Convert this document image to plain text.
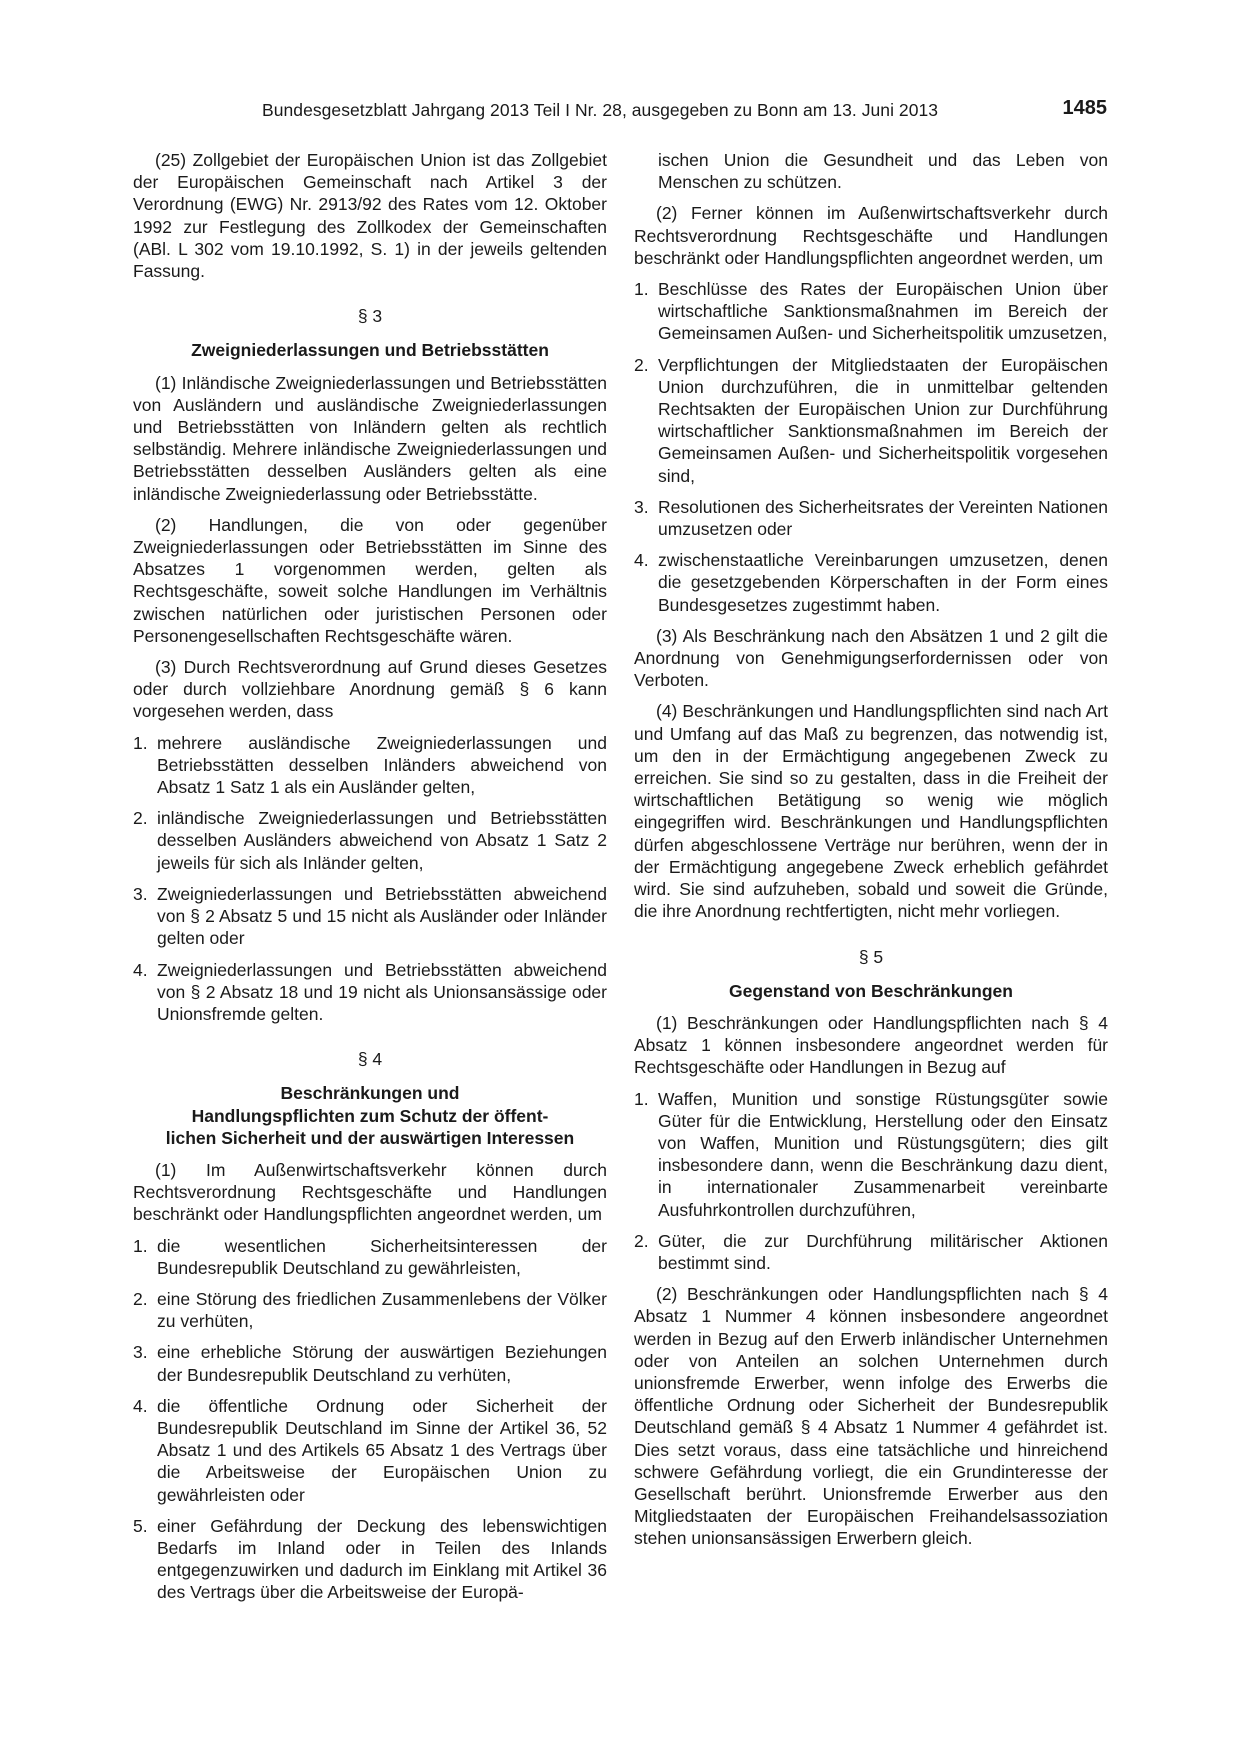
Bundesgesetzblatt Jahrgang 2013 Teil I Nr. 28, ausgegeben zu Bonn am 13. Juni 2013	1485

(25) Zollgebiet der Europäischen Union ist das Zollgebiet der Europäischen Gemeinschaft nach Artikel 3 der Verordnung (EWG) Nr. 2913/92 des Rates vom 12. Oktober 1992 zur Festlegung des Zollkodex der Gemeinschaften (ABl. L 302 vom 19.10.1992, S. 1) in der jeweils geltenden Fassung.

§ 3
Zweigniederlassungen und Betriebsstätten

(1) Inländische Zweigniederlassungen und Betriebsstätten von Ausländern und ausländische Zweigniederlassungen und Betriebsstätten von Inländern gelten als rechtlich selbständig. Mehrere inländische Zweigniederlassungen und Betriebsstätten desselben Ausländers gelten als eine inländische Zweigniederlassung oder Betriebsstätte.

(2) Handlungen, die von oder gegenüber Zweigniederlassungen oder Betriebsstätten im Sinne des Absatzes 1 vorgenommen werden, gelten als Rechtsgeschäfte, soweit solche Handlungen im Verhältnis zwischen natürlichen oder juristischen Personen oder Personengesellschaften Rechtsgeschäfte wären.

(3) Durch Rechtsverordnung auf Grund dieses Gesetzes oder durch vollziehbare Anordnung gemäß § 6 kann vorgesehen werden, dass

1. mehrere ausländische Zweigniederlassungen und Betriebsstätten desselben Inländers abweichend von Absatz 1 Satz 1 als ein Ausländer gelten,
2. inländische Zweigniederlassungen und Betriebsstätten desselben Ausländers abweichend von Absatz 1 Satz 2 jeweils für sich als Inländer gelten,
3. Zweigniederlassungen und Betriebsstätten abweichend von § 2 Absatz 5 und 15 nicht als Ausländer oder Inländer gelten oder
4. Zweigniederlassungen und Betriebsstätten abweichend von § 2 Absatz 18 und 19 nicht als Unionsansässige oder Unionsfremde gelten.
§ 4
Beschränkungen und
Handlungspflichten zum Schutz der öffent-
lichen Sicherheit und der auswärtigen Interessen

(1) Im Außenwirtschaftsverkehr können durch Rechtsverordnung Rechtsgeschäfte und Handlungen beschränkt oder Handlungspflichten angeordnet werden, um

1. die wesentlichen Sicherheitsinteressen der Bundesrepublik Deutschland zu gewährleisten,
2. eine Störung des friedlichen Zusammenlebens der Völker zu verhüten,
3. eine erhebliche Störung der auswärtigen Beziehungen der Bundesrepublik Deutschland zu verhüten,
4. die öffentliche Ordnung oder Sicherheit der Bundesrepublik Deutschland im Sinne der Artikel 36, 52 Absatz 1 und des Artikels 65 Absatz 1 des Vertrags über die Arbeitsweise der Europäischen Union zu gewährleisten oder
5. einer Gefährdung der Deckung des lebenswichtigen Bedarfs im Inland oder in Teilen des Inlands entgegenzuwirken und dadurch im Einklang mit Artikel 36 des Vertrags über die Arbeitsweise der Europä-

ischen Union die Gesundheit und das Leben von Menschen zu schützen.

(2) Ferner können im Außenwirtschaftsverkehr durch Rechtsverordnung Rechtsgeschäfte und Handlungen beschränkt oder Handlungspflichten angeordnet werden, um

1. Beschlüsse des Rates der Europäischen Union über wirtschaftliche Sanktionsmaßnahmen im Bereich der Gemeinsamen Außen- und Sicherheitspolitik umzusetzen,
2. Verpflichtungen der Mitgliedstaaten der Europäischen Union durchzuführen, die in unmittelbar geltenden Rechtsakten der Europäischen Union zur Durchführung wirtschaftlicher Sanktionsmaßnahmen im Bereich der Gemeinsamen Außen- und Sicherheitspolitik vorgesehen sind,
3. Resolutionen des Sicherheitsrates der Vereinten Nationen umzusetzen oder
4. zwischenstaatliche Vereinbarungen umzusetzen, denen die gesetzgebenden Körperschaften in der Form eines Bundesgesetzes zugestimmt haben.

(3) Als Beschränkung nach den Absätzen 1 und 2 gilt die Anordnung von Genehmigungserfordernissen oder von Verboten.

(4) Beschränkungen und Handlungspflichten sind nach Art und Umfang auf das Maß zu begrenzen, das notwendig ist, um den in der Ermächtigung angegebenen Zweck zu erreichen. Sie sind so zu gestalten, dass in die Freiheit der wirtschaftlichen Betätigung so wenig wie möglich eingegriffen wird. Beschränkungen und Handlungspflichten dürfen abgeschlossene Verträge nur berühren, wenn der in der Ermächtigung angegebene Zweck erheblich gefährdet wird. Sie sind aufzuheben, sobald und soweit die Gründe, die ihre Anordnung rechtfertigten, nicht mehr vorliegen.

§ 5
Gegenstand von Beschränkungen

(1) Beschränkungen oder Handlungspflichten nach § 4 Absatz 1 können insbesondere angeordnet werden für Rechtsgeschäfte oder Handlungen in Bezug auf

1. Waffen, Munition und sonstige Rüstungsgüter sowie Güter für die Entwicklung, Herstellung oder den Einsatz von Waffen, Munition und Rüstungsgütern; dies gilt insbesondere dann, wenn die Beschränkung dazu dient, in internationaler Zusammenarbeit vereinbarte Ausfuhrkontrollen durchzuführen,
2. Güter, die zur Durchführung militärischer Aktionen bestimmt sind.

(2) Beschränkungen oder Handlungspflichten nach § 4 Absatz 1 Nummer 4 können insbesondere angeordnet werden in Bezug auf den Erwerb inländischer Unternehmen oder von Anteilen an solchen Unternehmen durch unionsfremde Erwerber, wenn infolge des Erwerbs die öffentliche Ordnung oder Sicherheit der Bundesrepublik Deutschland gemäß § 4 Absatz 1 Nummer 4 gefährdet ist. Dies setzt voraus, dass eine tatsächliche und hinreichend schwere Gefährdung vorliegt, die ein Grundinteresse der Gesellschaft berührt. Unionsfremde Erwerber aus den Mitgliedstaaten der Europäischen Freihandelsassoziation stehen unionsansässigen Erwerbern gleich.
